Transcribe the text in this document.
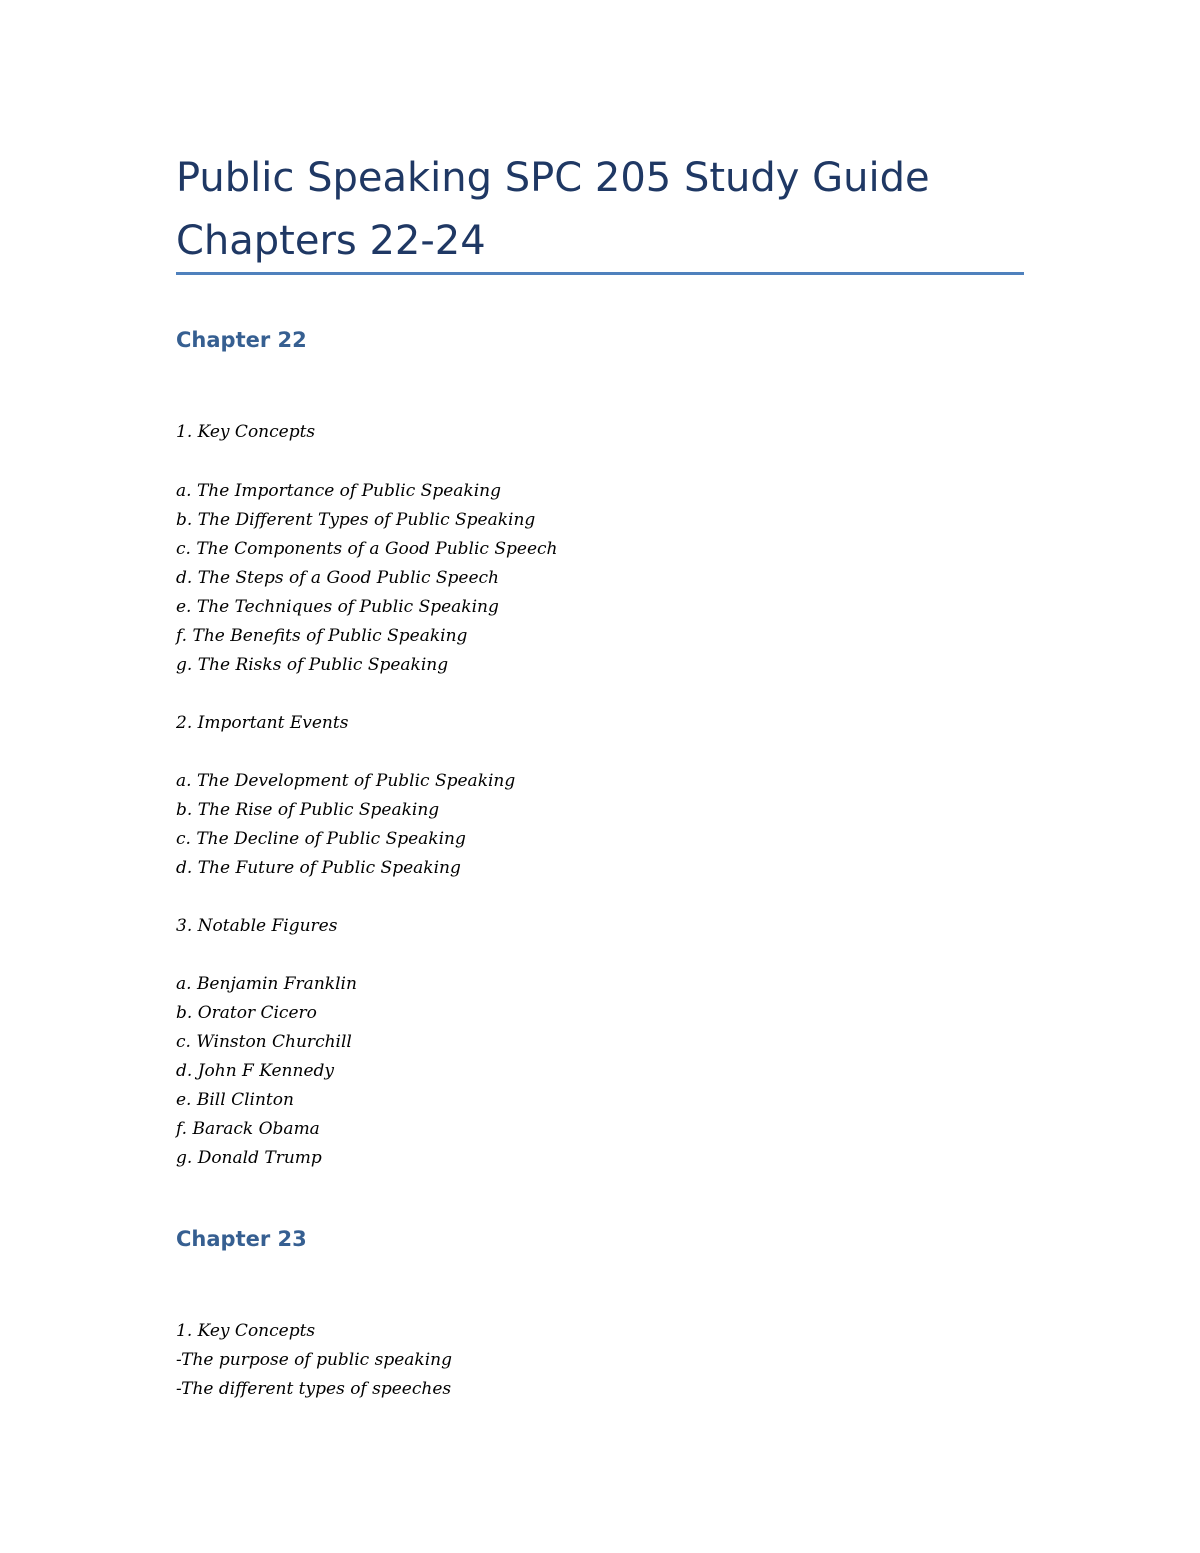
Public Speaking SPC 205 Study Guide
Chapters 22-24
Chapter 22
1. Key Concepts
a. The Importance of Public Speaking
b. The Different Types of Public Speaking
c. The Components of a Good Public Speech
d. The Steps of a Good Public Speech
e. The Techniques of Public Speaking
f. The Benefits of Public Speaking
g. The Risks of Public Speaking
2. Important Events
a. The Development of Public Speaking
b. The Rise of Public Speaking
c. The Decline of Public Speaking
d. The Future of Public Speaking
3. Notable Figures
a. Benjamin Franklin
b. Orator Cicero
c. Winston Churchill
d. John F Kennedy
e. Bill Clinton
f. Barack Obama
g. Donald Trump
Chapter 23
1. Key Concepts
-The purpose of public speaking
-The different types of speeches
